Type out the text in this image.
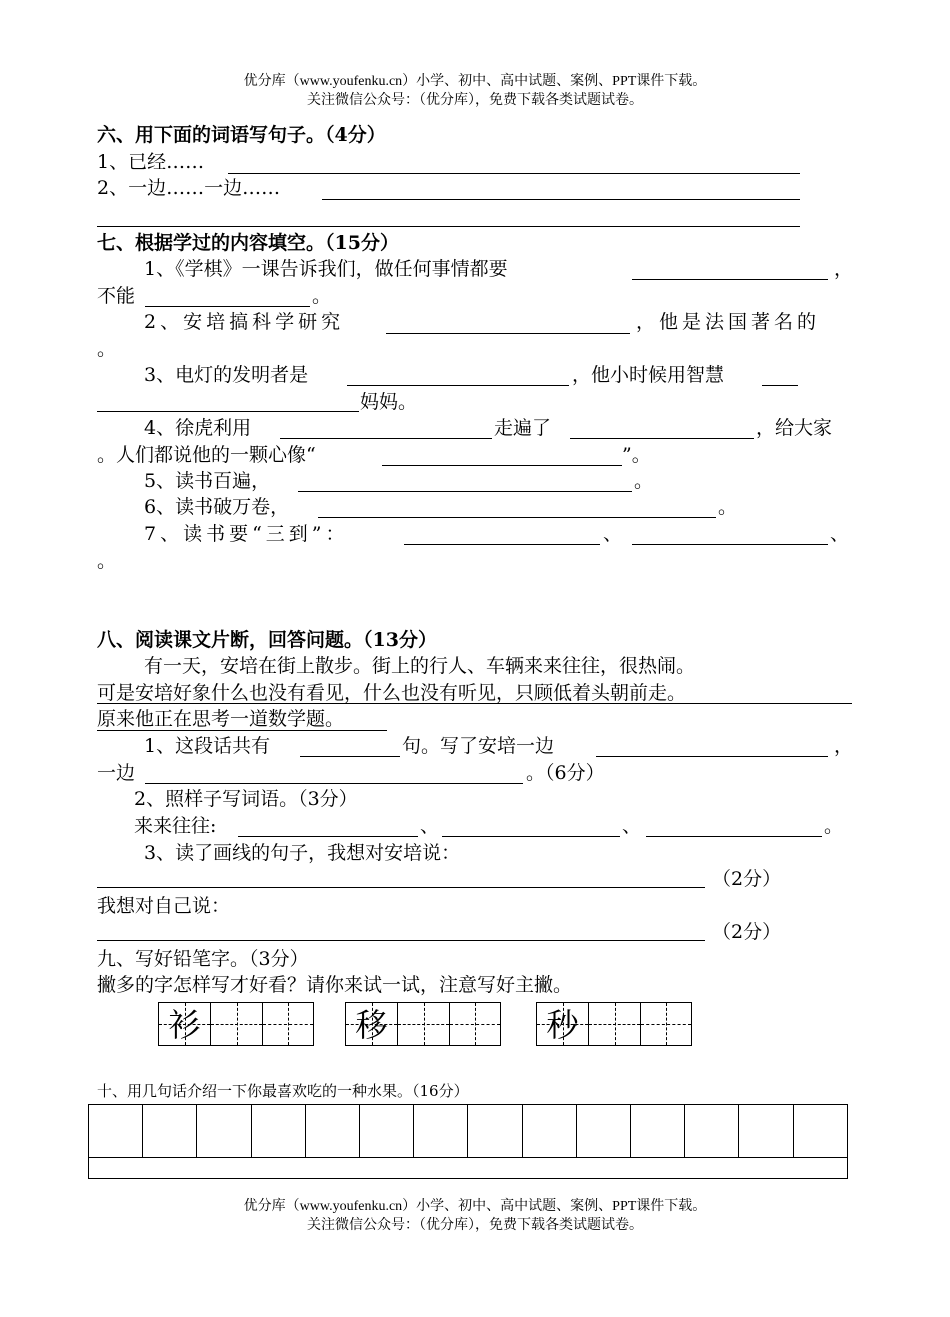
优分库（www.youfenku.cn）小学、初中、高中试题、案例、PPT课件下载。
关注微信公众号：（优分库），免费下载各类试题试卷。
六、用下面的词语写句子。（4分）
1、已经……
2、一边……一边……
七、根据学过的内容填空。（15分）
1、《学棋》一课告诉我们，做任何事情都要	，
不能	。
2、安培搞科学研究	，他是法国著名的
。
3、电灯的发明者是	，他小时候用智慧
妈妈。
4、徐虎利用	走遍了	，给大家
。人们都说他的一颗心像“	”。
5、读书百遍，	。
6、读书破万卷，	。
7、读书要“三到”：	、	、
。
八、阅读课文片断，回答问题。（13分）
有一天，安培在街上散步。街上的行人、车辆来来往往，很热闹。
可是安培好象什么也没有看见，什么也没有听见，只顾低着头朝前走。
原来他正在思考一道数学题。
1、这段话共有	句。写了安培一边	，
一边	。（6分）
2、照样子写词语。（3分）
来来往往:	、	、	。
3、读了画线的句子，我想对安培说：
（2分）
我想对自己说：
（2分）
九、写好铅笔字。（3分）
撇多的字怎样写才好看？请你来试一试，注意写好主撇。
衫	移	秒
十、用几句话介绍一下你最喜欢吃的一种水果。（16分）

优分库（www.youfenku.cn）小学、初中、高中试题、案例、PPT课件下载。
关注微信公众号：（优分库），免费下载各类试题试卷。
